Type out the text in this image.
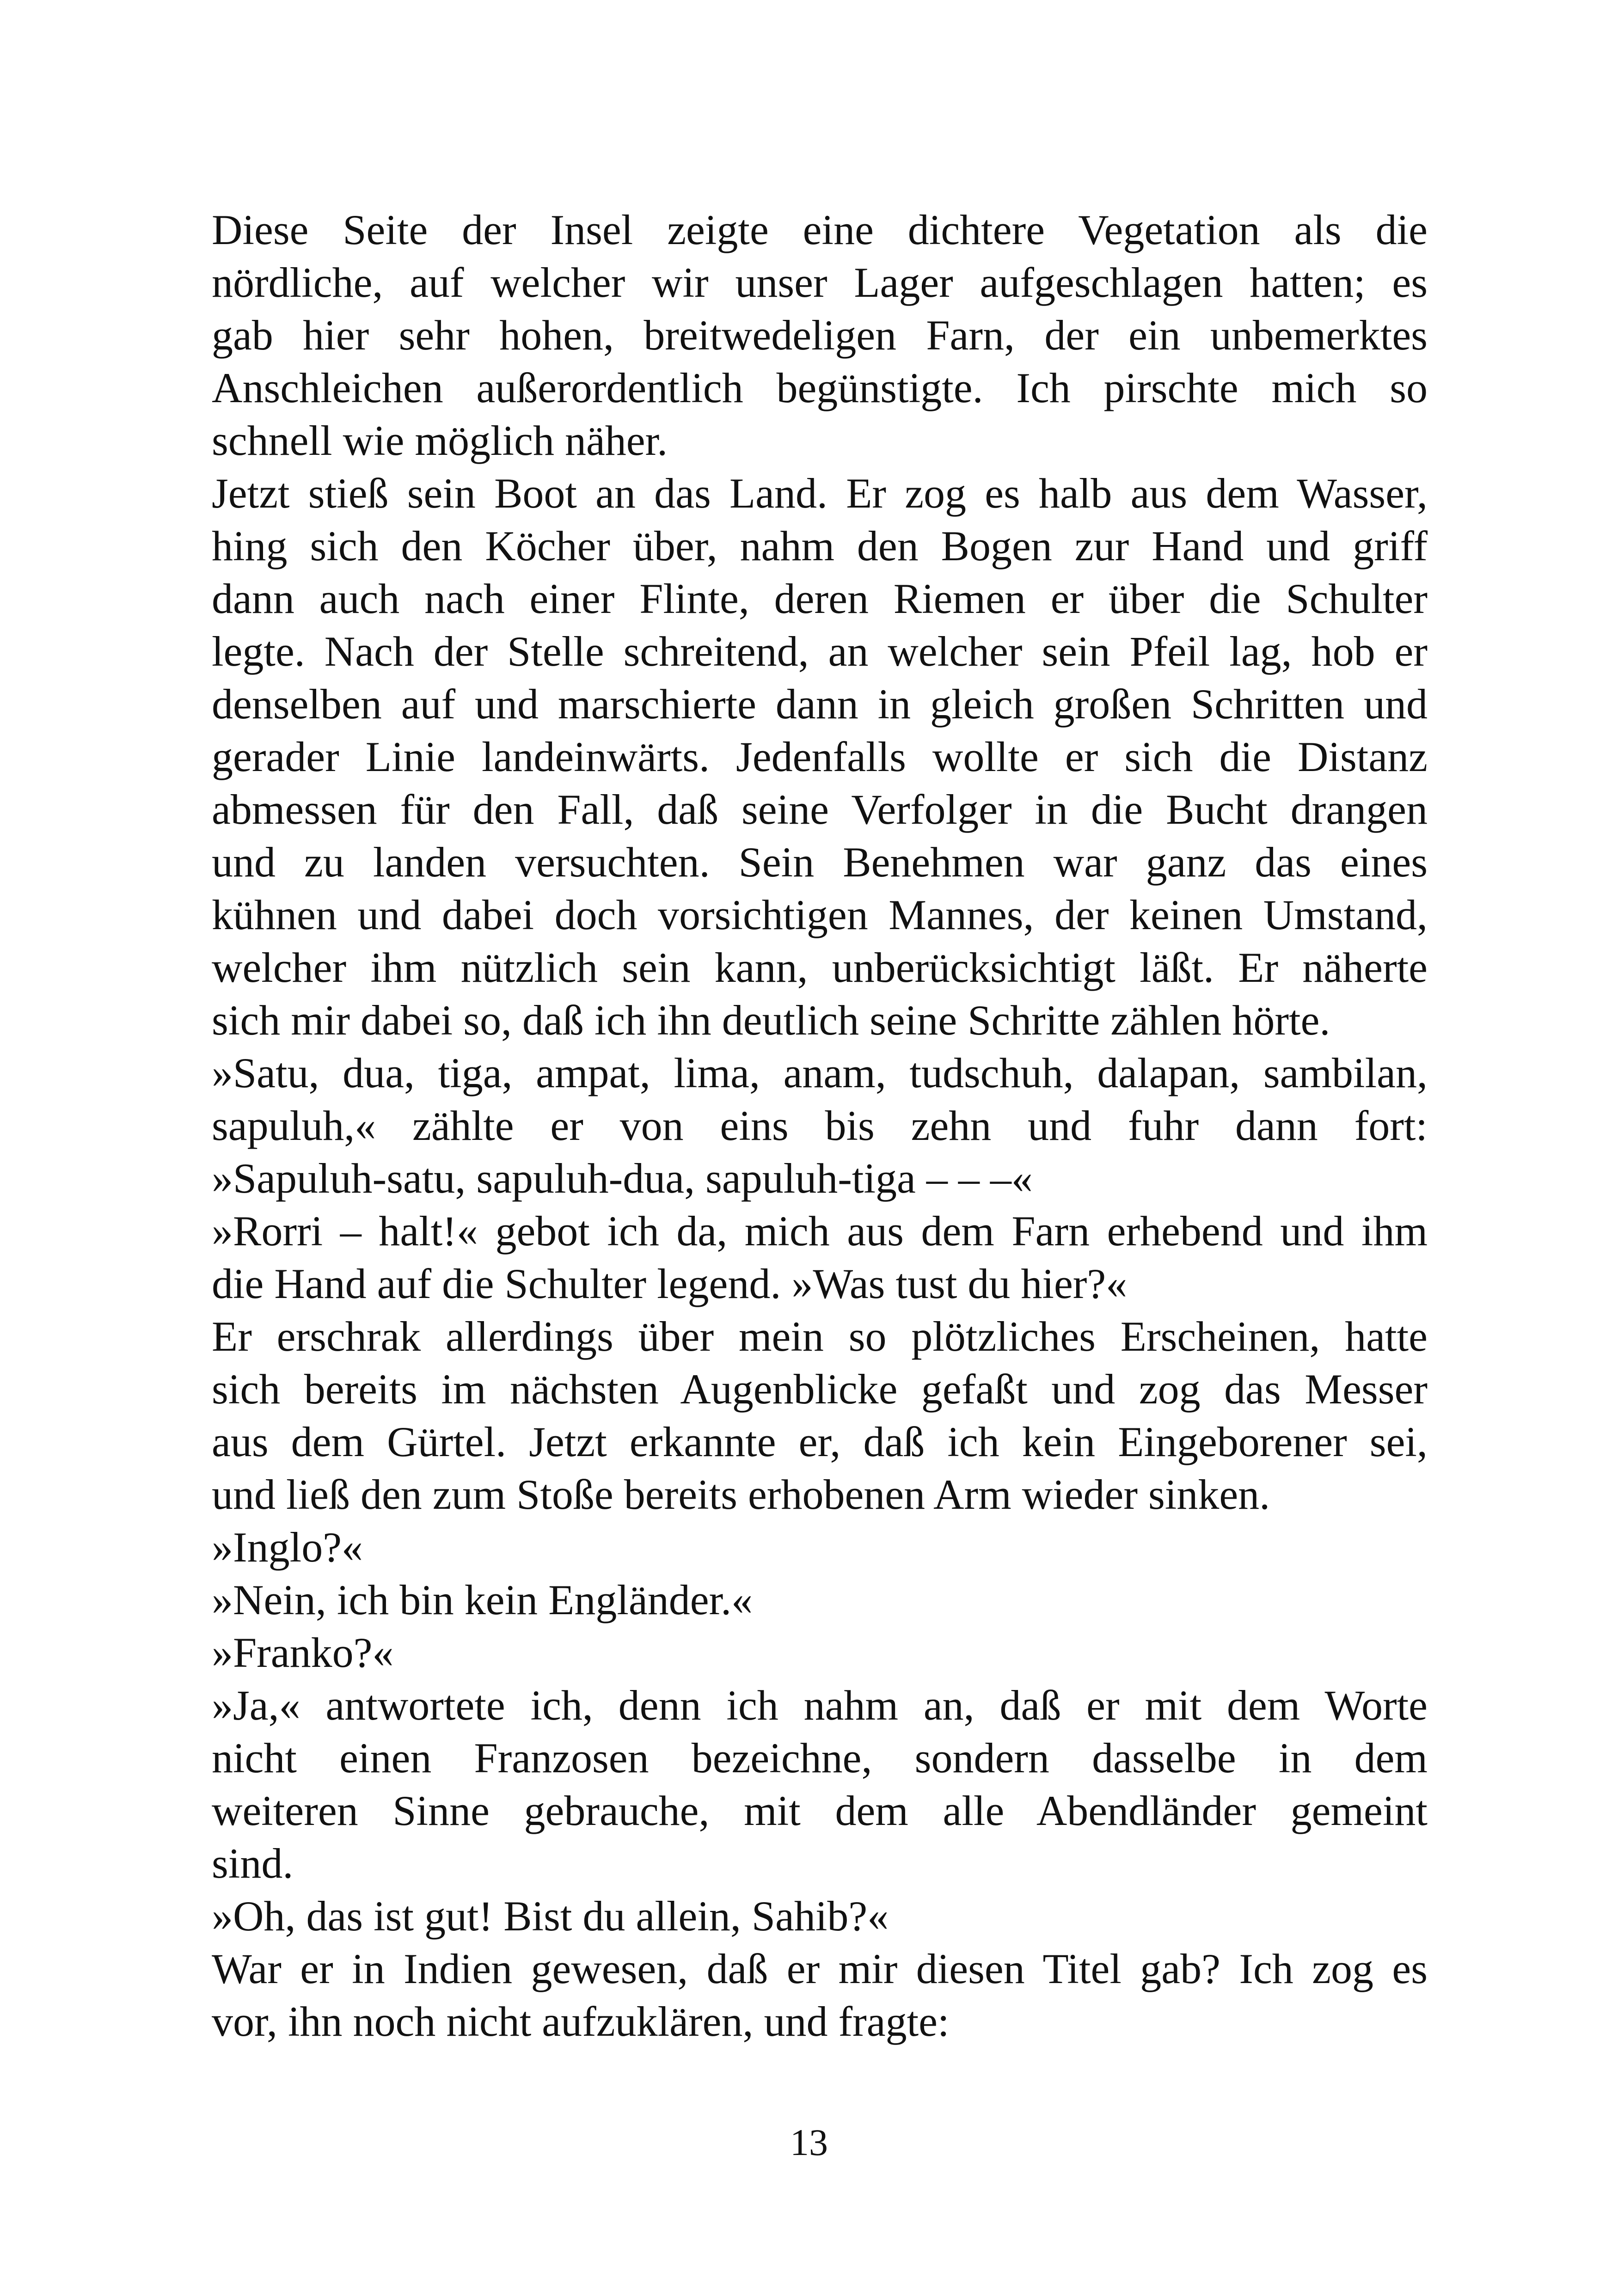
Diese Seite der Insel zeigte eine dichtere Vegetation als die
nördliche, auf welcher wir unser Lager aufgeschlagen hatten; es
gab hier sehr hohen, breitwedeligen Farn, der ein unbemerktes
Anschleichen außerordentlich begünstigte. Ich pirschte mich so
schnell wie möglich näher.
Jetzt stieß sein Boot an das Land. Er zog es halb aus dem Wasser,
hing sich den Köcher über, nahm den Bogen zur Hand und griff
dann auch nach einer Flinte, deren Riemen er über die Schulter
legte. Nach der Stelle schreitend, an welcher sein Pfeil lag, hob er
denselben auf und marschierte dann in gleich großen Schritten und
gerader Linie landeinwärts. Jedenfalls wollte er sich die Distanz
abmessen für den Fall, daß seine Verfolger in die Bucht drangen
und zu landen versuchten. Sein Benehmen war ganz das eines
kühnen und dabei doch vorsichtigen Mannes, der keinen Umstand,
welcher ihm nützlich sein kann, unberücksichtigt läßt. Er näherte
sich mir dabei so, daß ich ihn deutlich seine Schritte zählen hörte.
»Satu, dua, tiga, ampat, lima, anam, tudschuh, dalapan, sambilan,
sapuluh,« zählte er von eins bis zehn und fuhr dann fort:
»Sapuluh-satu, sapuluh-dua, sapuluh-tiga – – –«
»Rorri – halt!« gebot ich da, mich aus dem Farn erhebend und ihm
die Hand auf die Schulter legend. »Was tust du hier?«
Er erschrak allerdings über mein so plötzliches Erscheinen, hatte
sich bereits im nächsten Augenblicke gefaßt und zog das Messer
aus dem Gürtel. Jetzt erkannte er, daß ich kein Eingeborener sei,
und ließ den zum Stoße bereits erhobenen Arm wieder sinken.
»Inglo?«
»Nein, ich bin kein Engländer.«
»Franko?«
»Ja,« antwortete ich, denn ich nahm an, daß er mit dem Worte
nicht einen Franzosen bezeichne, sondern dasselbe in dem
weiteren Sinne gebrauche, mit dem alle Abendländer gemeint
sind.
»Oh, das ist gut! Bist du allein, Sahib?«
War er in Indien gewesen, daß er mir diesen Titel gab? Ich zog es
vor, ihn noch nicht aufzuklären, und fragte:
13
